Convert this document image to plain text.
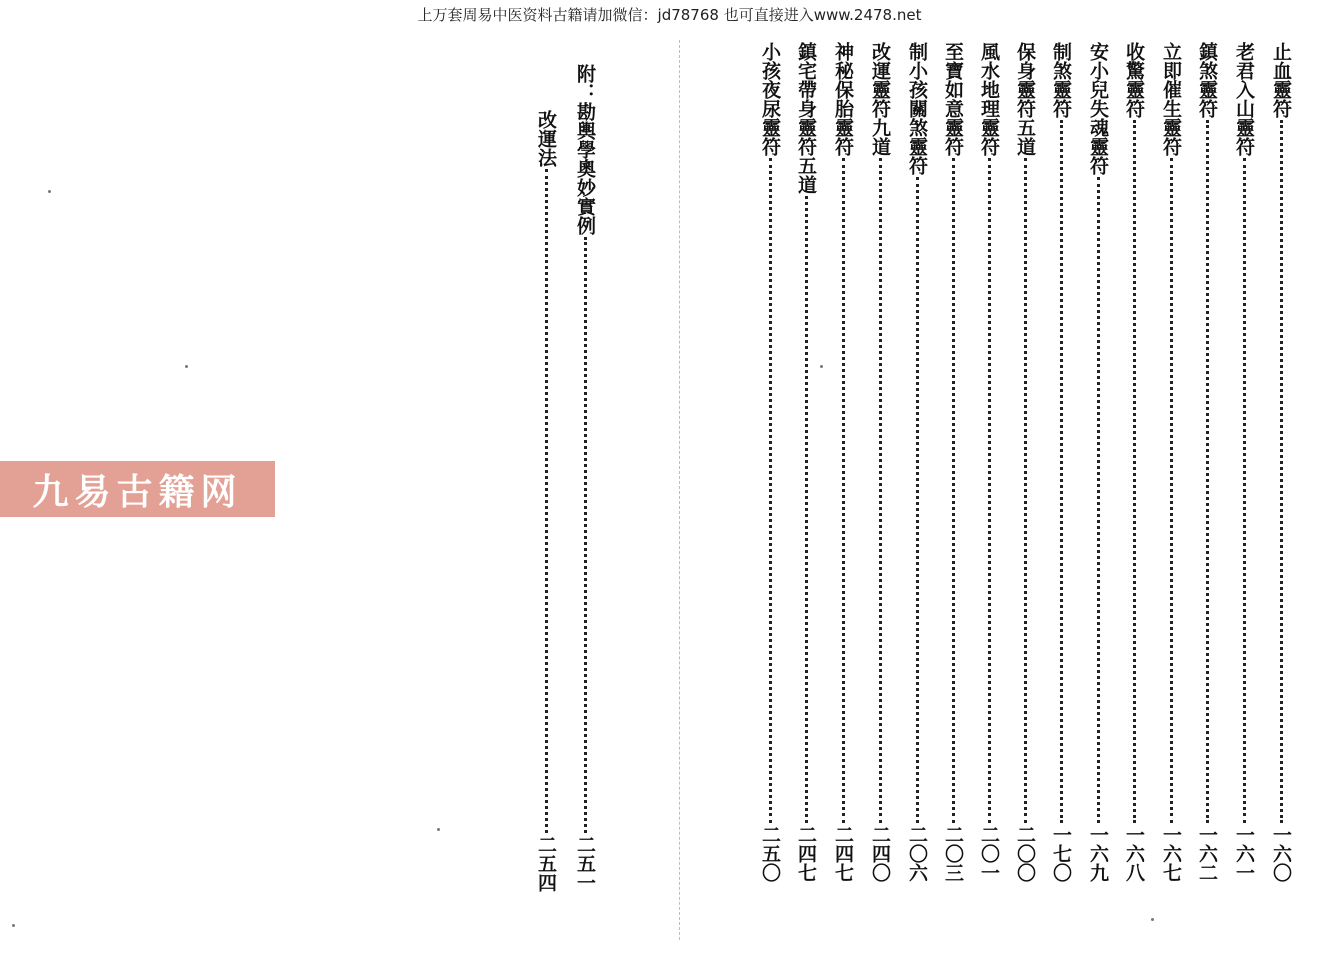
上万套周易中医资料古籍请加微信：jd78768 也可直接进入www.2478.net
止血靈符
一六〇
老君入山靈符
一六一
鎮煞靈符
一六二
立即催生靈符
一六七
收驚靈符
一六八
安小兒失魂靈符
一六九
制煞靈符
一七〇
保身靈符五道
二〇〇
風水地理靈符
二〇一
至寶如意靈符
二〇三
制小孩關煞靈符
二〇六
改運靈符九道
二四〇
神秘保胎靈符
二四七
鎮宅帶身靈符五道
二四七
小孩夜尿靈符
二五〇
附：勘輿學奧妙實例
二五一
改運法
二五四
九易古籍网
